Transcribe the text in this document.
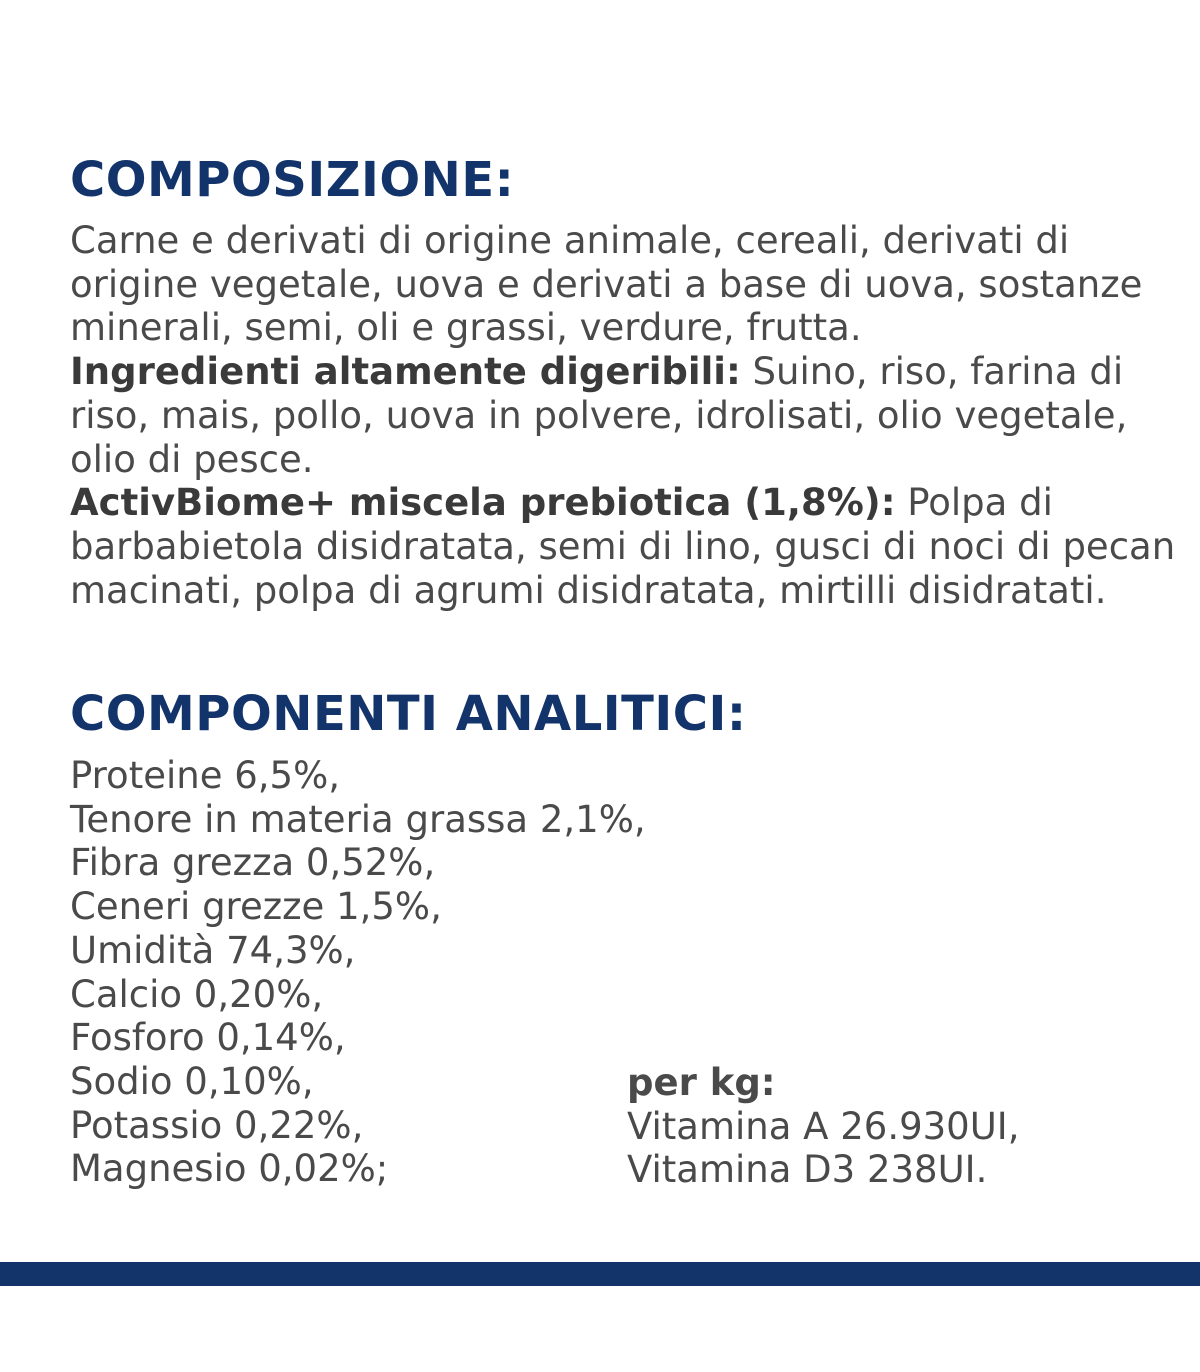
COMPOSIZIONE:

Carne e derivati di origine animale, cereali, derivati di origine vegetale, uova e derivati a base di uova, sostanze minerali, semi, oli e grassi, verdure, frutta.

Ingredienti altamente digeribili: Suino, riso, farina di riso, mais, pollo, uova in polvere, idrolisati, olio vegetale, olio di pesce.

ActivBiome+ miscela prebiotica (1,8%): Polpa di barbabietola disidratata, semi di lino, gusci di noci di pecan macinati, polpa di agrumi disidratata, mirtilli disidratati.

COMPONENTI ANALITICI:
Proteine 6,5%,
Tenore in materia grassa 2,1%,
Fibra grezza 0,52%,
Ceneri grezze 1,5%,
Umidità 74,3%,
Calcio 0,20%,
Fosforo 0,14%,
Sodio 0,10%,
Potassio 0,22%,
Magnesio 0,02%;
per kg:
Vitamina A 26.930UI,
Vitamina D3 238UI.
